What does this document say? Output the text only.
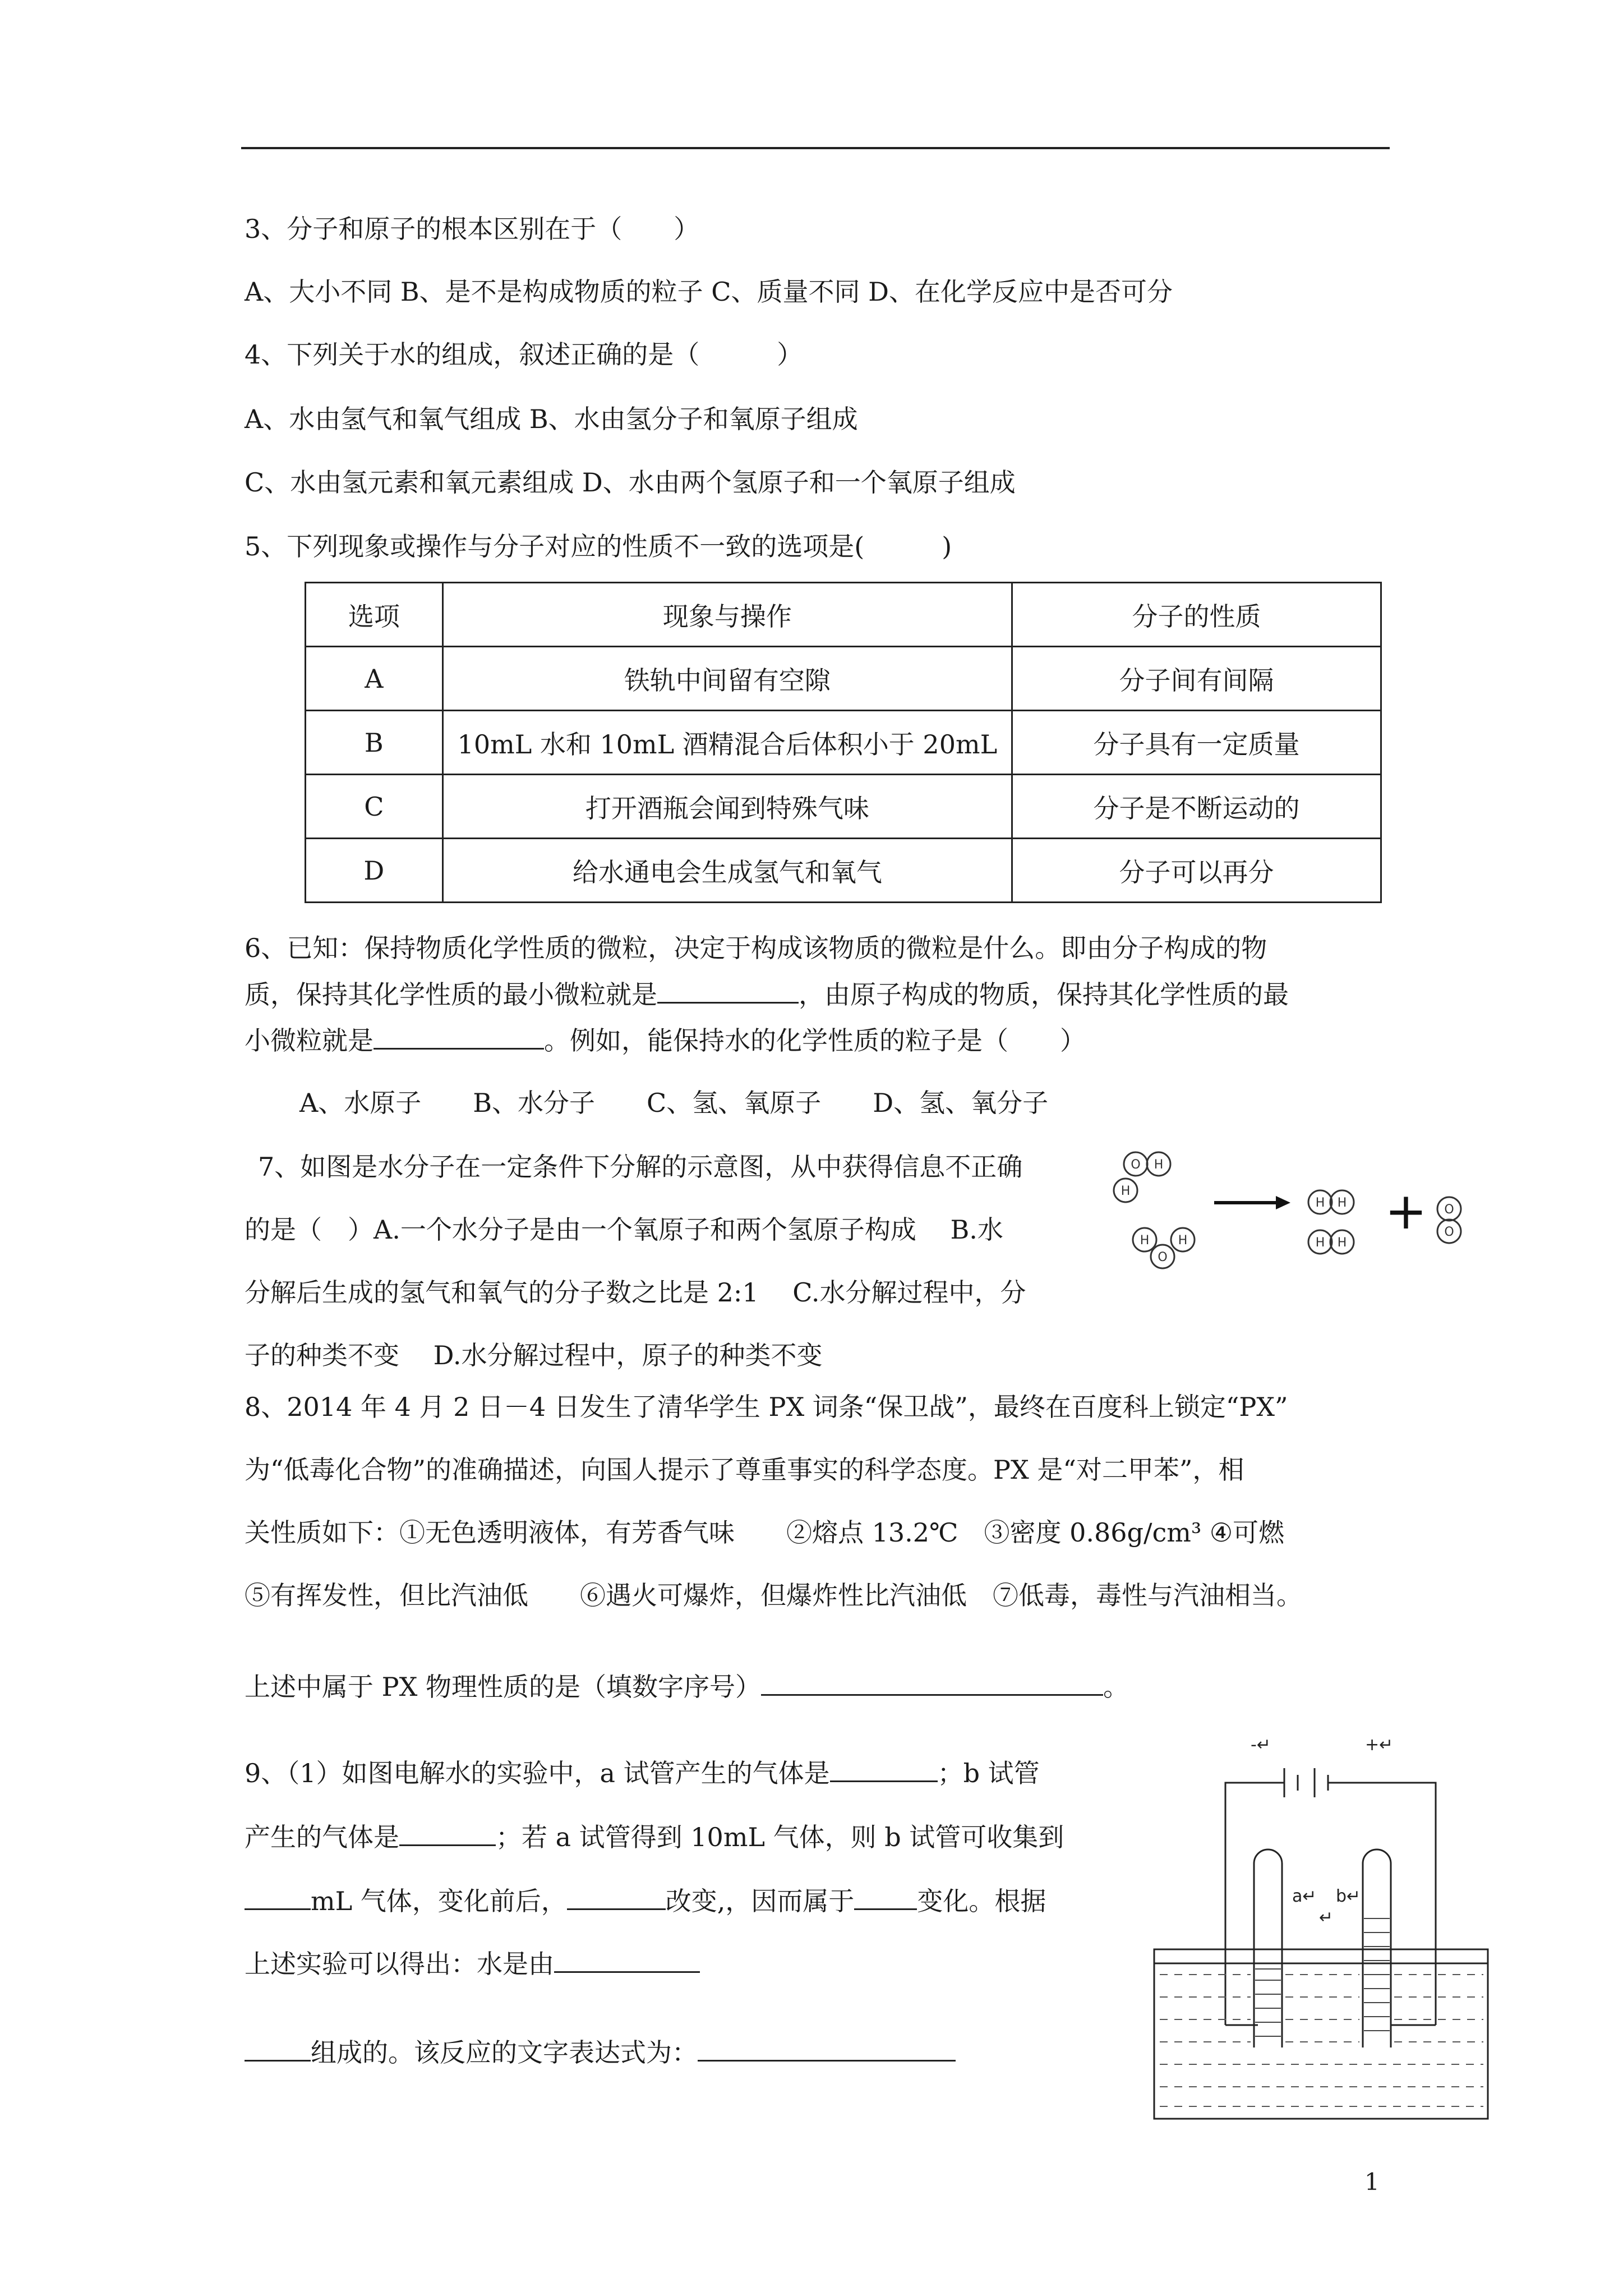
3、分子和原子的根本区别在于（　　）
A、大小不同 B、是不是构成物质的粒子 C、质量不同 D、在化学反应中是否可分
4、下列关于水的组成，叙述正确的是（　　　）
A、水由氢气和氧气组成 B、水由氢分子和氧原子组成
C、水由氢元素和氧元素组成 D、水由两个氢原子和一个氧原子组成
5、下列现象或操作与分子对应的性质不一致的选项是(　　　)
选项	现象与操作	分子的性质
A	铁轨中间留有空隙	分子间有间隔
B	10mL 水和 10mL 酒精混合后体积小于 20mL	分子具有一定质量
C	打开酒瓶会闻到特殊气味	分子是不断运动的
D	给水通电会生成氢气和氧气	分子可以再分
6、已知：保持物质化学性质的微粒，决定于构成该物质的微粒是什么。即由分子构成的物
质，保持其化学性质的最小微粒就是	，由原子构成的物质，保持其化学性质的最
小微粒就是	。例如，能保持水的化学性质的粒子是（　　）
A、水原子　　B、水分子　　C、氢、氧原子　　D、氢、氧分子
7、如图是水分子在一定条件下分解的示意图，从中获得信息不正确
的是（　）A.一个水分子是由一个氧原子和两个氢原子构成　 B.水
分解后生成的氢气和氧气的分子数之比是 2:1　 C.水分解过程中，分
子的种类不变　 D.水分解过程中，原子的种类不变
O H
H
H
O
H
H H
H H
O
O
+
8、2014 年 4 月 2 日－4 日发生了清华学生 PX 词条“保卫战”，最终在百度科上锁定“PX”
为“低毒化合物”的准确描述，向国人提示了尊重事实的科学态度。PX 是“对二甲苯”，相
关性质如下：①无色透明液体，有芳香气味　　②熔点 13.2℃　③密度 0.86g/cm³ ④可燃
⑤有挥发性，但比汽油低　　⑥遇火可爆炸，但爆炸性比汽油低　⑦低毒，毒性与汽油相当。
上述中属于 PX 物理性质的是（填数字序号）	。
9、（1）如图电解水的实验中，a 试管产生的气体是	；b 试管
产生的气体是	；若 a 试管得到 10mL 气体，则 b 试管可收集到
mL 气体，变化前后，	改变,，因而属于 变化。根据
上述实验可以得出：水是由
组成的。该反应的文字表达式为：
-↵	+↵
a↵ b↵
↵
1
